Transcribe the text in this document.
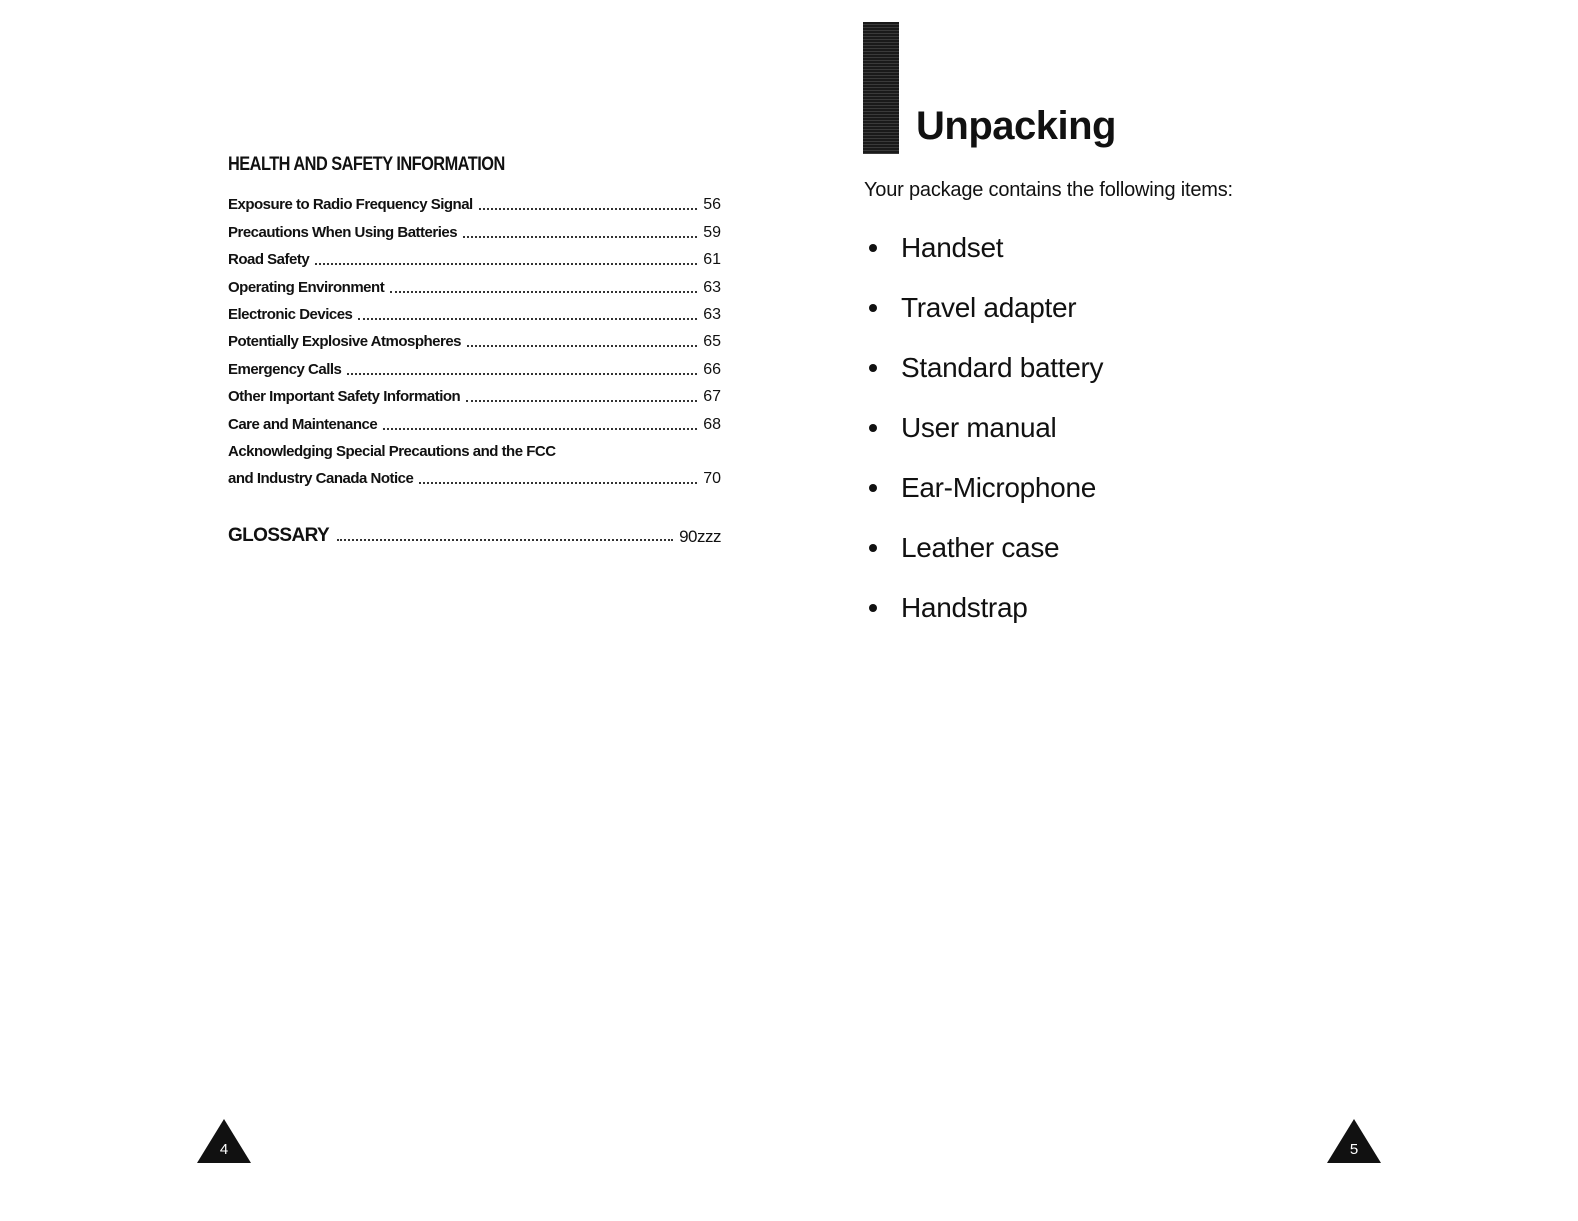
HEALTH AND SAFETY INFORMATION
Exposure to Radio Frequency Signal	56
Precautions When Using Batteries	59
Road Safety	61
Operating Environment	63
Electronic Devices	63
Potentially Explosive Atmospheres	65
Emergency Calls	66
Other Important Safety Information	67
Care and Maintenance	68
Acknowledging Special Precautions and the FCC
and Industry Canada Notice	70
GLOSSARY	90zzz
4
Unpacking
Your package contains the following items:
Handset
Travel adapter
Standard battery
User manual
Ear-Microphone
Leather case
Handstrap
5
